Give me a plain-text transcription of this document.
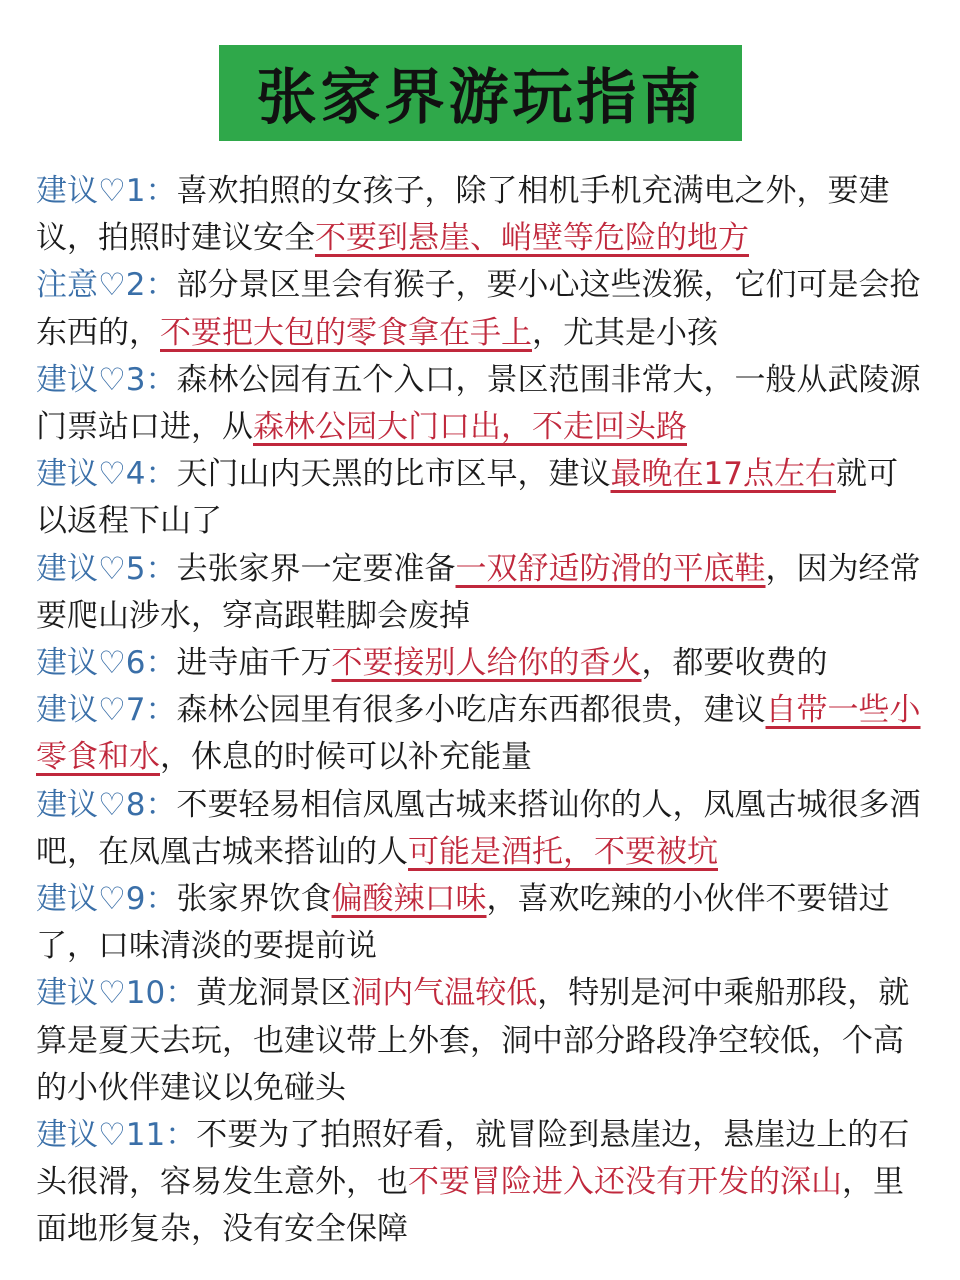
张家界游玩指南

建议♡1：喜欢拍照的女孩子，除了相机手机充满电之外，要建议，拍照时建议安全不要到悬崖、峭壁等危险的地方

注意♡2：部分景区里会有猴子，要小心这些泼猴，它们可是会抢东西的，不要把大包的零食拿在手上，尤其是小孩

建议♡3：森林公园有五个入口，景区范围非常大，一般从武陵源门票站口进，从森林公园大门口出，不走回头路

建议♡4：天门山内天黑的比市区早，建议最晚在17点左右就可以返程下山了

建议♡5：去张家界一定要准备一双舒适防滑的平底鞋，因为经常要爬山涉水，穿高跟鞋脚会废掉

建议♡6：进寺庙千万不要接别人给你的香火，都要收费的

建议♡7：森林公园里有很多小吃店东西都很贵，建议自带一些小零食和水，休息的时候可以补充能量

建议♡8：不要轻易相信凤凰古城来搭讪你的人，凤凰古城很多酒吧，在凤凰古城来搭讪的人可能是酒托，不要被坑

建议♡9：张家界饮食偏酸辣口味，喜欢吃辣的小伙伴不要错过了，口味清淡的要提前说

建议♡10：黄龙洞景区洞内气温较低，特别是河中乘船那段，就算是夏天去玩，也建议带上外套，洞中部分路段净空较低，个高的小伙伴建议以免碰头

建议♡11：不要为了拍照好看，就冒险到悬崖边，悬崖边上的石头很滑，容易发生意外，也不要冒险进入还没有开发的深山，里面地形复杂，没有安全保障
